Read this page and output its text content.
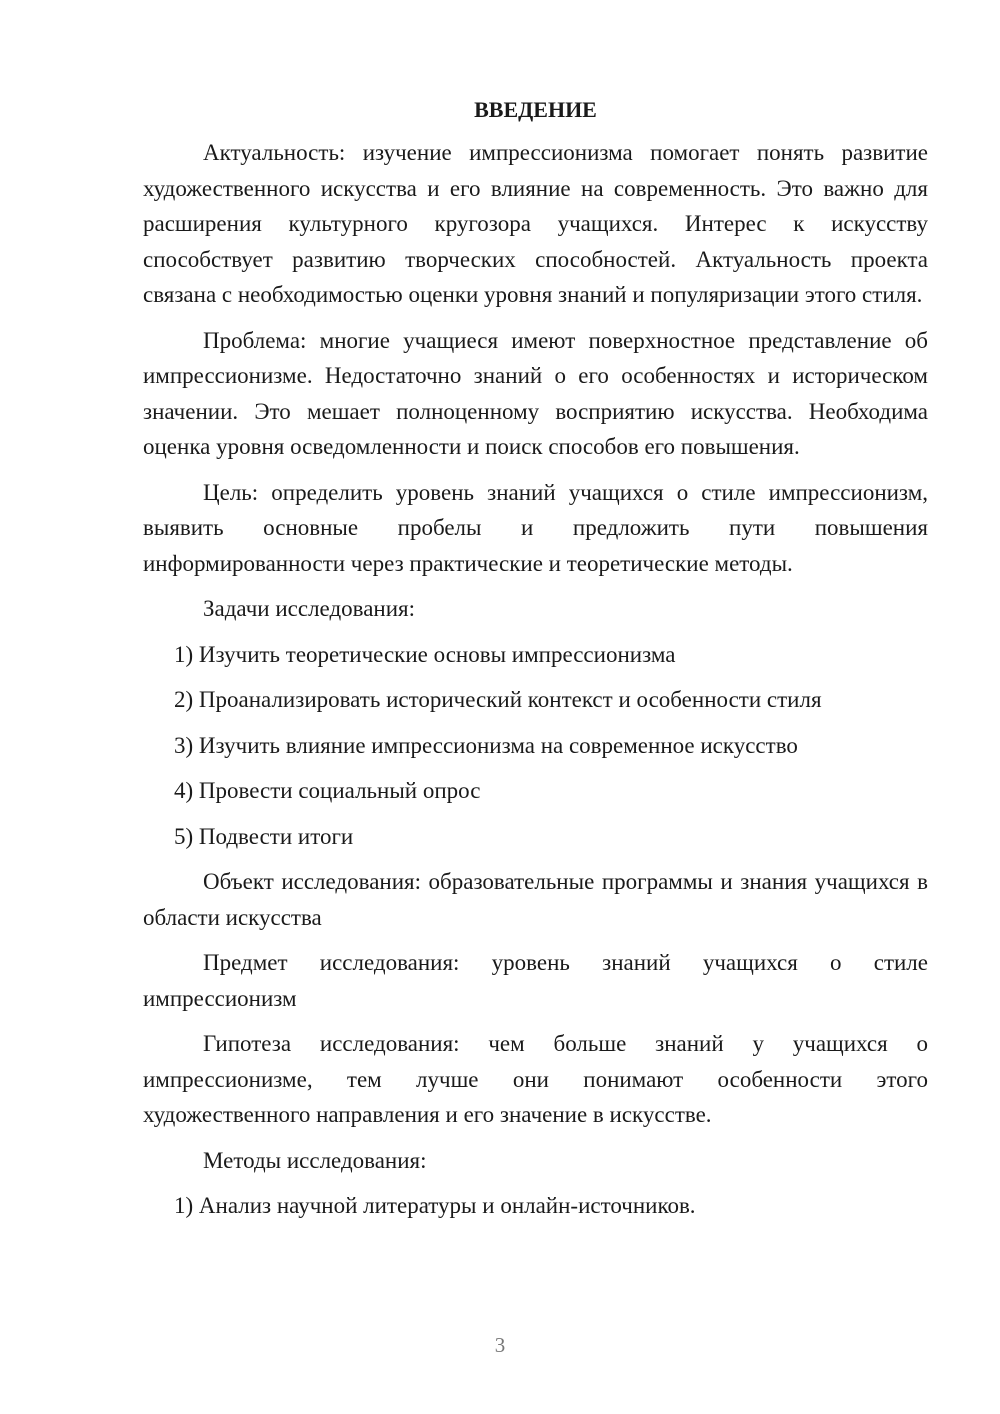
ВВЕДЕНИЕ

Актуальность: изучение импрессионизма помогает понять развитие художественного искусства и его влияние на современность. Это важно для расширения культурного кругозора учащихся. Интерес к искусству способствует развитию творческих способностей. Актуальность проекта связана с необходимостью оценки уровня знаний и популяризации этого стиля.

Проблема: многие учащиеся имеют поверхностное представление об импрессионизме. Недостаточно знаний о его особенностях и историческом значении. Это мешает полноценному восприятию искусства. Необходима оценка уровня осведомленности и поиск способов его повышения.

Цель: определить уровень знаний учащихся о стиле импрессионизм, выявить основные пробелы и предложить пути повышения информированности через практические и теоретические методы.

Задачи исследования:

1) Изучить теоретические основы импрессионизма
2) Проанализировать исторический контекст и особенности стиля
3) Изучить влияние импрессионизма на современное искусство
4) Провести социальный опрос
5) Подвести итоги

Объект исследования: образовательные программы и знания учащихся в области искусства

Предмет исследования: уровень знаний учащихся о стиле импрессионизм

Гипотеза исследования: чем больше знаний у учащихся о импрессионизме, тем лучше они понимают особенности этого художественного направления и его значение в искусстве.

Методы исследования:

1) Анализ научной литературы и онлайн-источников.
3
